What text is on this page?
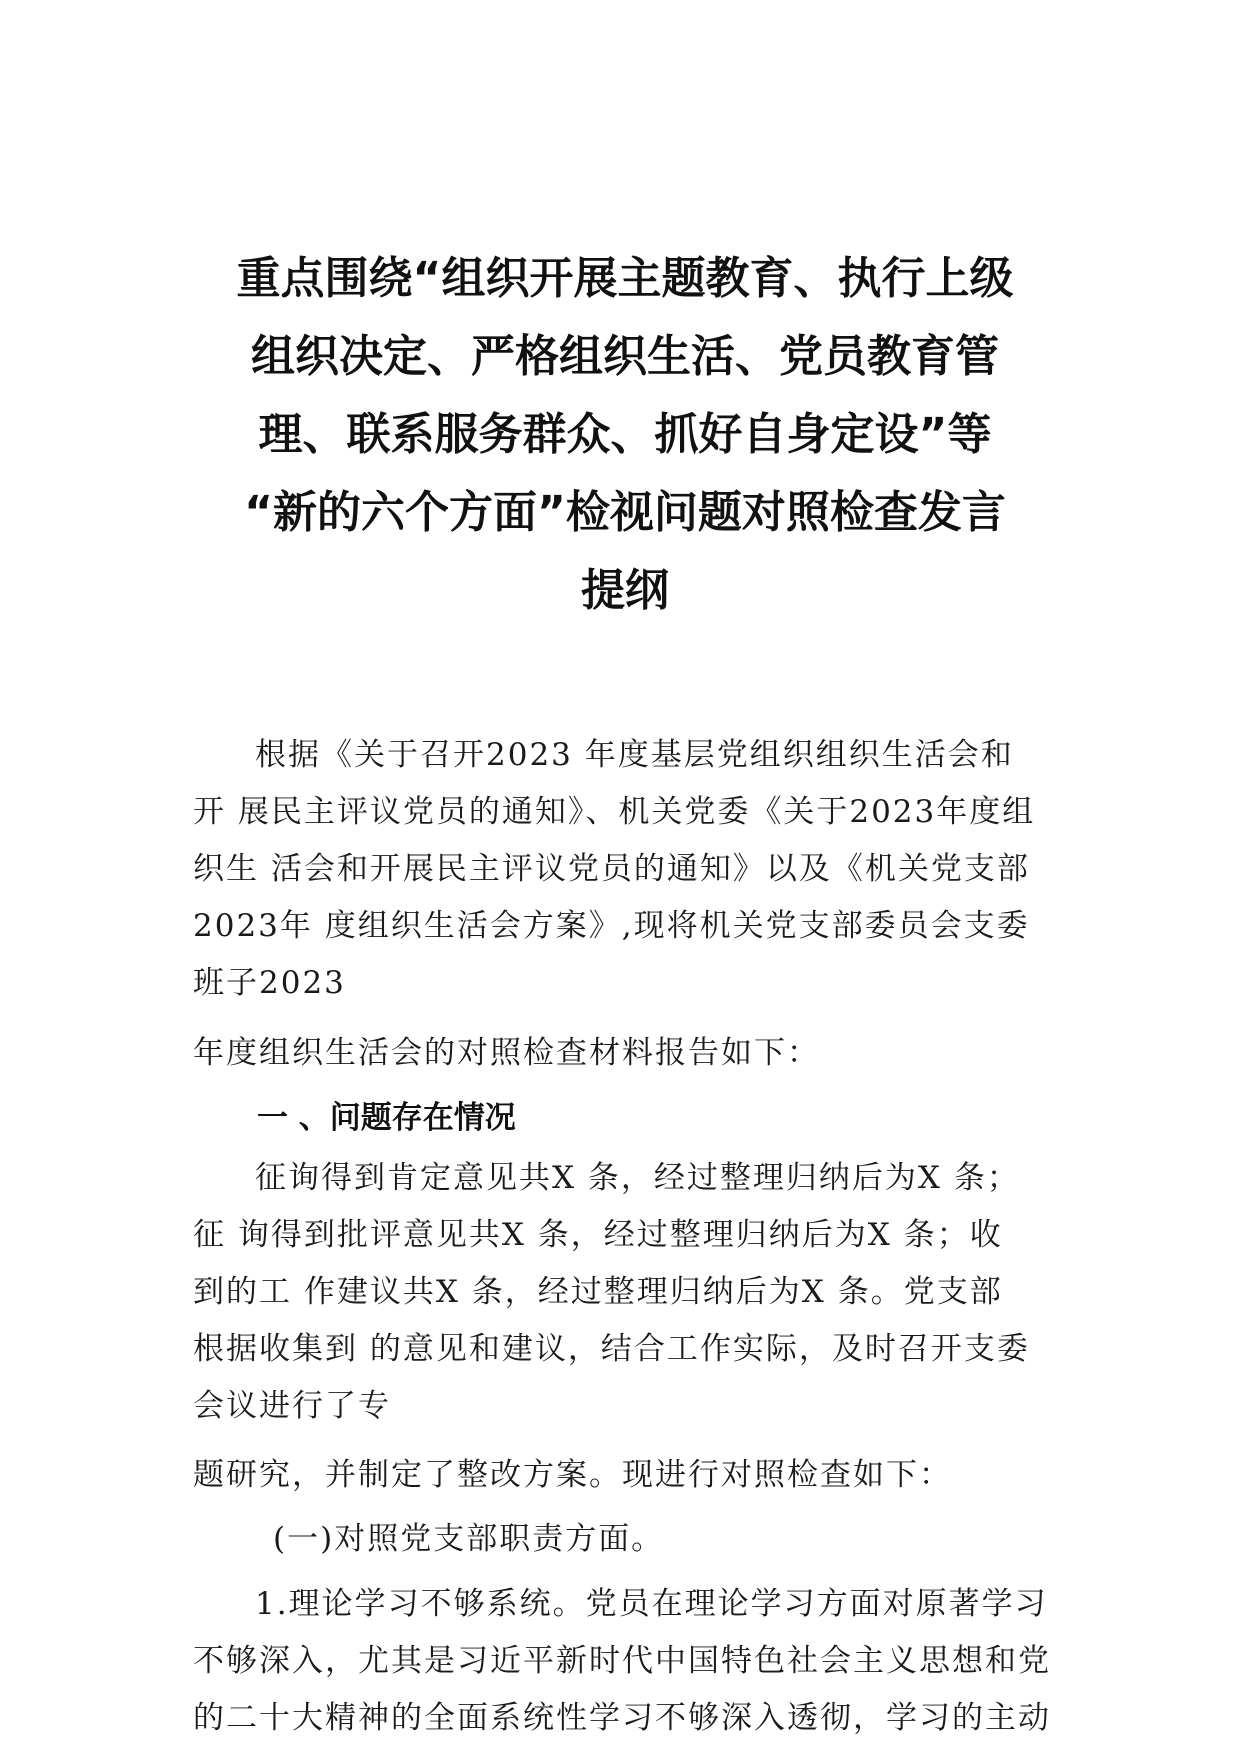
重点围绕“组织开展主题教育、执行上级
组织决定、严格组织生活、党员教育管
理、联系服务群众、抓好自身定设”等
“新的六个方面”检视问题对照检查发言
提纲
根据《关于召开2023 年度基层党组织组织生活会和
开 展民主评议党员的通知》、机关党委《关于2023年度组
织生 活会和开展民主评议党员的通知》以及《机关党支部
2023年 度组织生活会方案》,现将机关党支部委员会支委
班子2023
年度组织生活会的对照检查材料报告如下：
一 、问题存在情况
征询得到肯定意见共X 条，经过整理归纳后为X 条；
征 询得到批评意见共X 条，经过整理归纳后为X 条；收
到的工 作建议共X 条，经过整理归纳后为X 条。党支部
根据收集到 的意见和建议，结合工作实际，及时召开支委
会议进行了专
题研究，并制定了整改方案。现进行对照检查如下：
(一)对照党支部职责方面。
1.理论学习不够系统。党员在理论学习方面对原著学习
不够深入，尤其是习近平新时代中国特色社会主义思想和党
的二十大精神的全面系统性学习不够深入透彻，学习的主动
